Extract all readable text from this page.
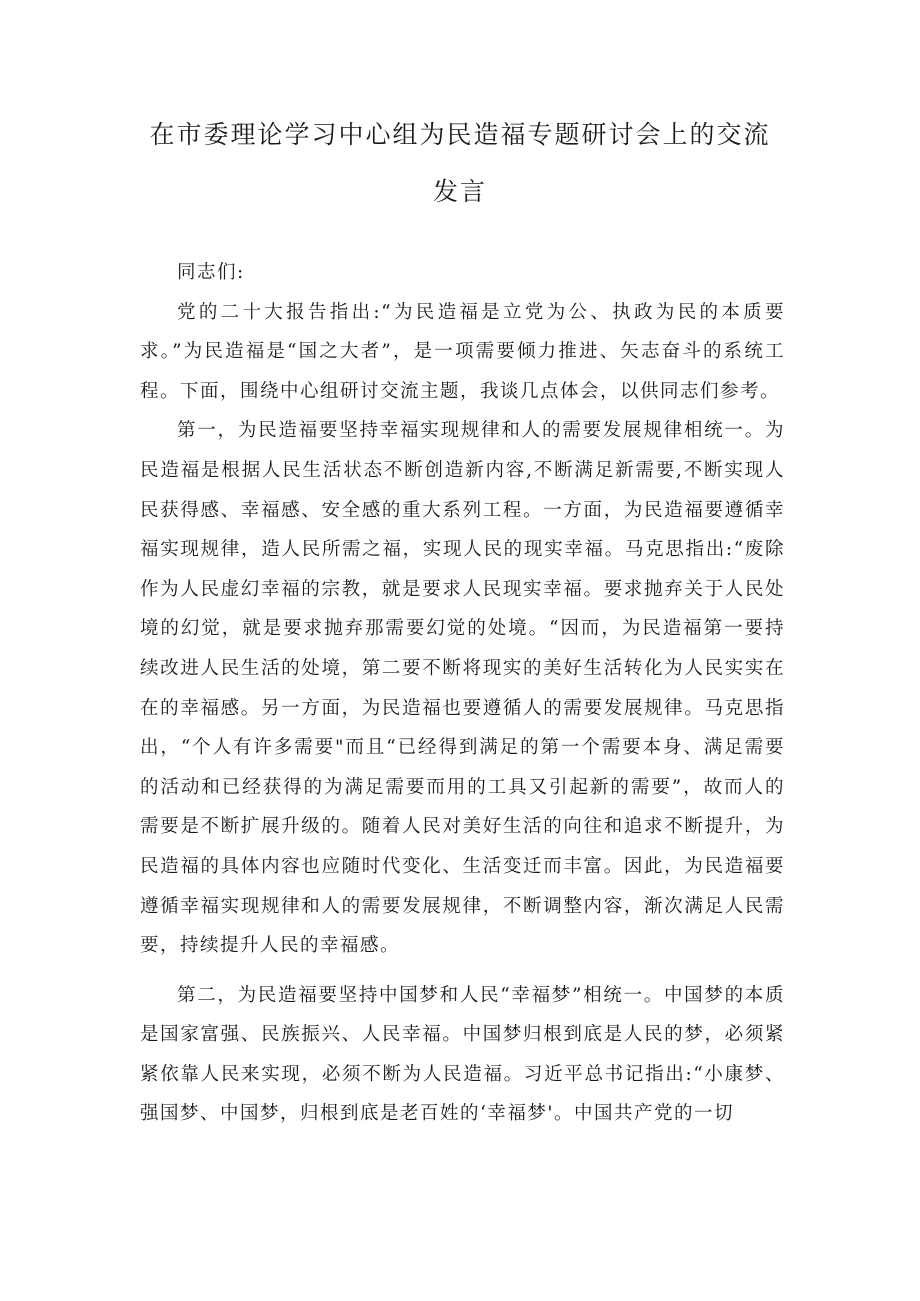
在市委理论学习中心组为民造福专题研讨会上的交流发言

同志们:

党的二十大报告指出:“为民造福是立党为公、执政为民的本质要求。”为民造福是“国之大者”，是一项需要倾力推进、矢志奋斗的系统工程。下面，围绕中心组研讨交流主题，我谈几点体会，以供同志们参考。

第一，为民造福要坚持幸福实现规律和人的需要发展规律相统一。为民造福是根据人民生活状态不断创造新内容,不断满足新需要,不断实现人民获得感、幸福感、安全感的重大系列工程。一方面，为民造福要遵循幸福实现规律，造人民所需之福，实现人民的现实幸福。马克思指出:“废除作为人民虚幻幸福的宗教，就是要求人民现实幸福。要求抛弃关于人民处境的幻觉，就是要求抛弃那需要幻觉的处境。“因而，为民造福第一要持续改进人民生活的处境，第二要不断将现实的美好生活转化为人民实实在在的幸福感。另一方面，为民造福也要遵循人的需要发展规律。马克思指出，“个人有许多需要"而且“已经得到满足的第一个需要本身、满足需要的活动和已经获得的为满足需要而用的工具又引起新的需要”，故而人的需要是不断扩展升级的。随着人民对美好生活的向往和追求不断提升，为民造福的具体内容也应随时代变化、生活变迁而丰富。因此，为民造福要遵循幸福实现规律和人的需要发展规律，不断调整内容，渐次满足人民需要，持续提升人民的幸福感。

第二，为民造福要坚持中国梦和人民“幸福梦”相统一。中国梦的本质是国家富强、民族振兴、人民幸福。中国梦归根到底是人民的梦，必须紧紧依靠人民来实现，必须不断为人民造福。习近平总书记指出:“小康梦、强国梦、中国梦，归根到底是老百姓的‘幸福梦'。中国共产党的一切
